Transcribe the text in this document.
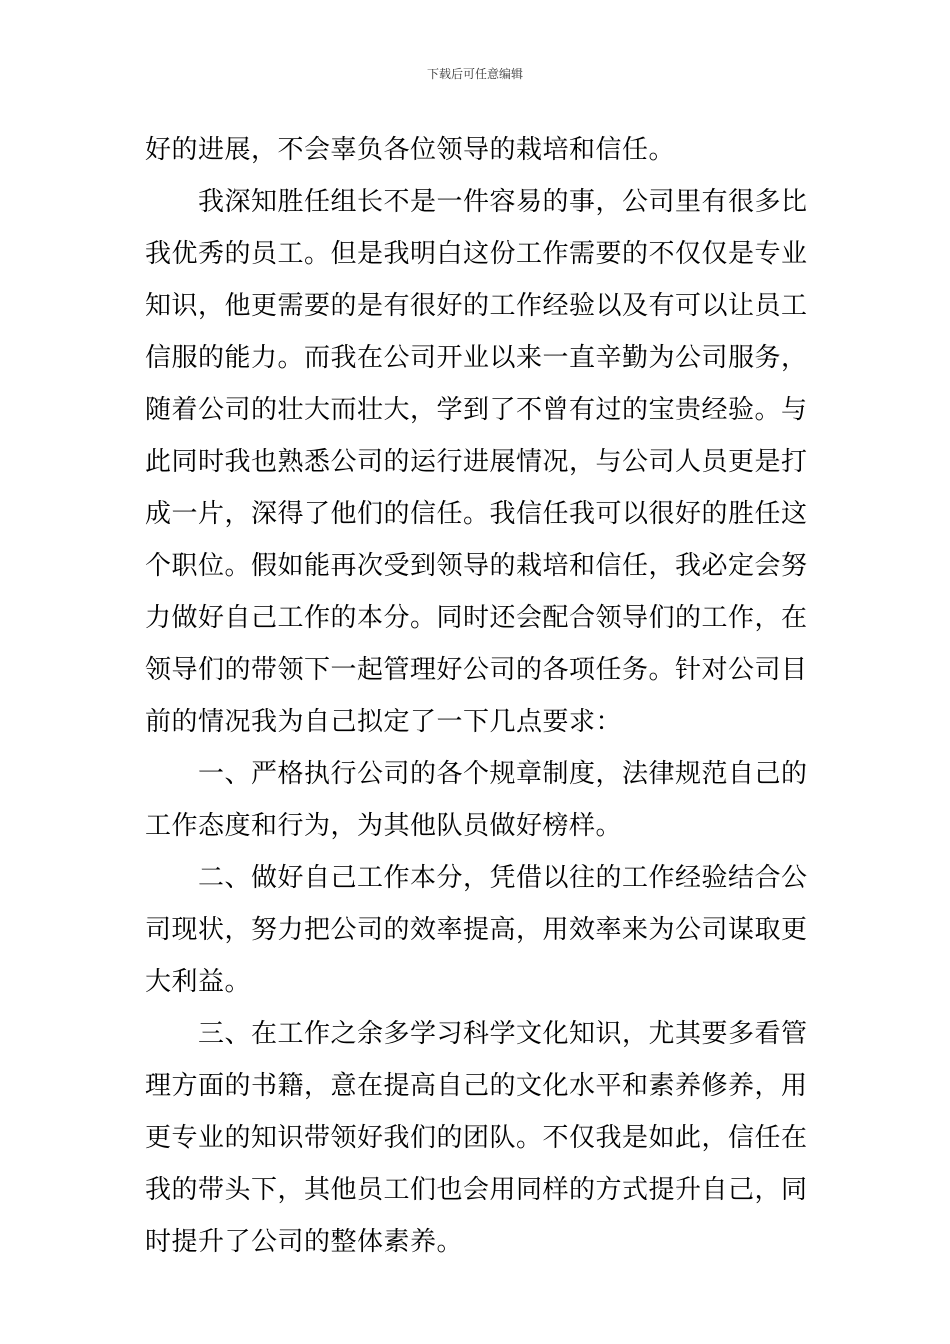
下载后可任意编辑
好的进展，不会辜负各位领导的栽培和信任。
　　我深知胜任组长不是一件容易的事，公司里有很多比
我优秀的员工。但是我明白这份工作需要的不仅仅是专业
知识，他更需要的是有很好的工作经验以及有可以让员工
信服的能力。而我在公司开业以来一直辛勤为公司服务，
随着公司的壮大而壮大，学到了不曾有过的宝贵经验。与
此同时我也熟悉公司的运行进展情况，与公司人员更是打
成一片，深得了他们的信任。我信任我可以很好的胜任这
个职位。假如能再次受到领导的栽培和信任，我必定会努
力做好自己工作的本分。同时还会配合领导们的工作，在
领导们的带领下一起管理好公司的各项任务。针对公司目
前的情况我为自己拟定了一下几点要求：
　　一、严格执行公司的各个规章制度，法律规范自己的
工作态度和行为，为其他队员做好榜样。
　　二、做好自己工作本分，凭借以往的工作经验结合公
司现状，努力把公司的效率提高，用效率来为公司谋取更
大利益。
　　三、在工作之余多学习科学文化知识，尤其要多看管
理方面的书籍，意在提高自己的文化水平和素养修养，用
更专业的知识带领好我们的团队。不仅我是如此，信任在
我的带头下，其他员工们也会用同样的方式提升自己，同
时提升了公司的整体素养。
